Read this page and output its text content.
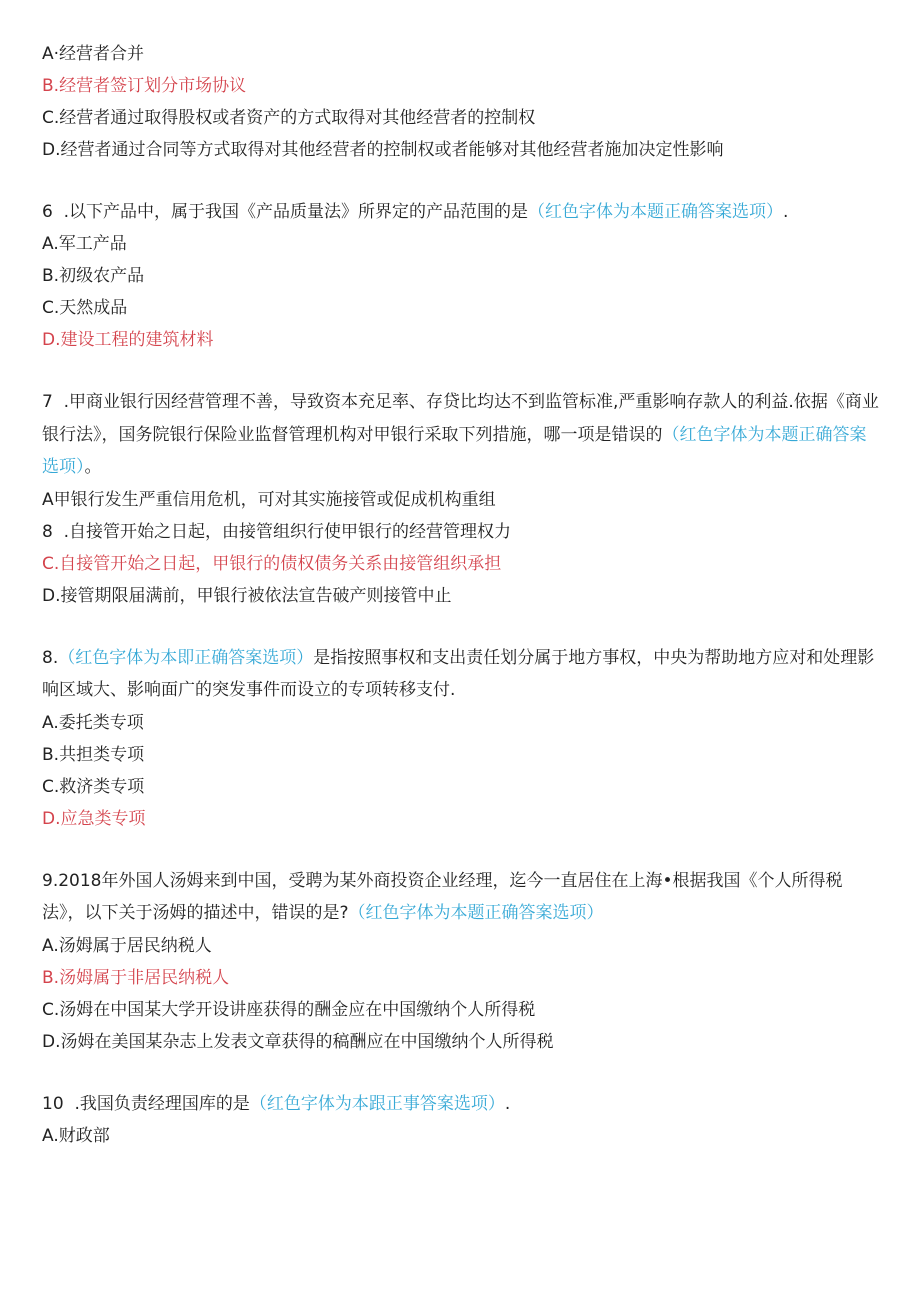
A·经营者合并
B.经营者签订划分市场协议
C.经营者通过取得股权或者资产的方式取得对其他经营者的控制权
D.经营者通过合同等方式取得对其他经营者的控制权或者能够对其他经营者施加决定性影响
6  .以下产品中，属于我国《产品质量法》所界定的产品范围的是（红色字体为本题正确答案选项）.
A.军工产品
B.初级农产品
C.天然成品
D.建设工程的建筑材料
7  .甲商业银行因经营管理不善，导致资本充足率、存贷比均达不到监管标准,严重影响存款人的利益.依据《商业银行法》，国务院银行保险业监督管理机构对甲银行采取下列措施，哪一项是错误的（红色字体为本题正确答案选项）。
A甲银行发生严重信用危机，可对其实施接管或促成机构重组
8  .自接管开始之日起，由接管组织行使甲银行的经营管理权力
C.自接管开始之日起，甲银行的债权债务关系由接管组织承担
D.接管期限届满前，甲银行被依法宣告破产则接管中止
8.（红色字体为本即正确答案选项）是指按照事权和支出责任划分属于地方事权，中央为帮助地方应对和处理影响区域大、影响面广的突发事件而设立的专项转移支付.
A.委托类专项
B.共担类专项
C.救济类专项
D.应急类专项
9.2018年外国人汤姆来到中国，受聘为某外商投资企业经理，迄今一直居住在上海•根据我国《个人所得税法》，以下关于汤姆的描述中，错误的是?（红色字体为本题正确答案选项）
A.汤姆属于居民纳税人
B.汤姆属于非居民纳税人
C.汤姆在中国某大学开设讲座获得的酬金应在中国缴纳个人所得税
D.汤姆在美国某杂志上发表文章获得的稿酬应在中国缴纳个人所得税
10  .我国负责经理国库的是（红色字体为本跟正事答案选项）.
A.财政部
